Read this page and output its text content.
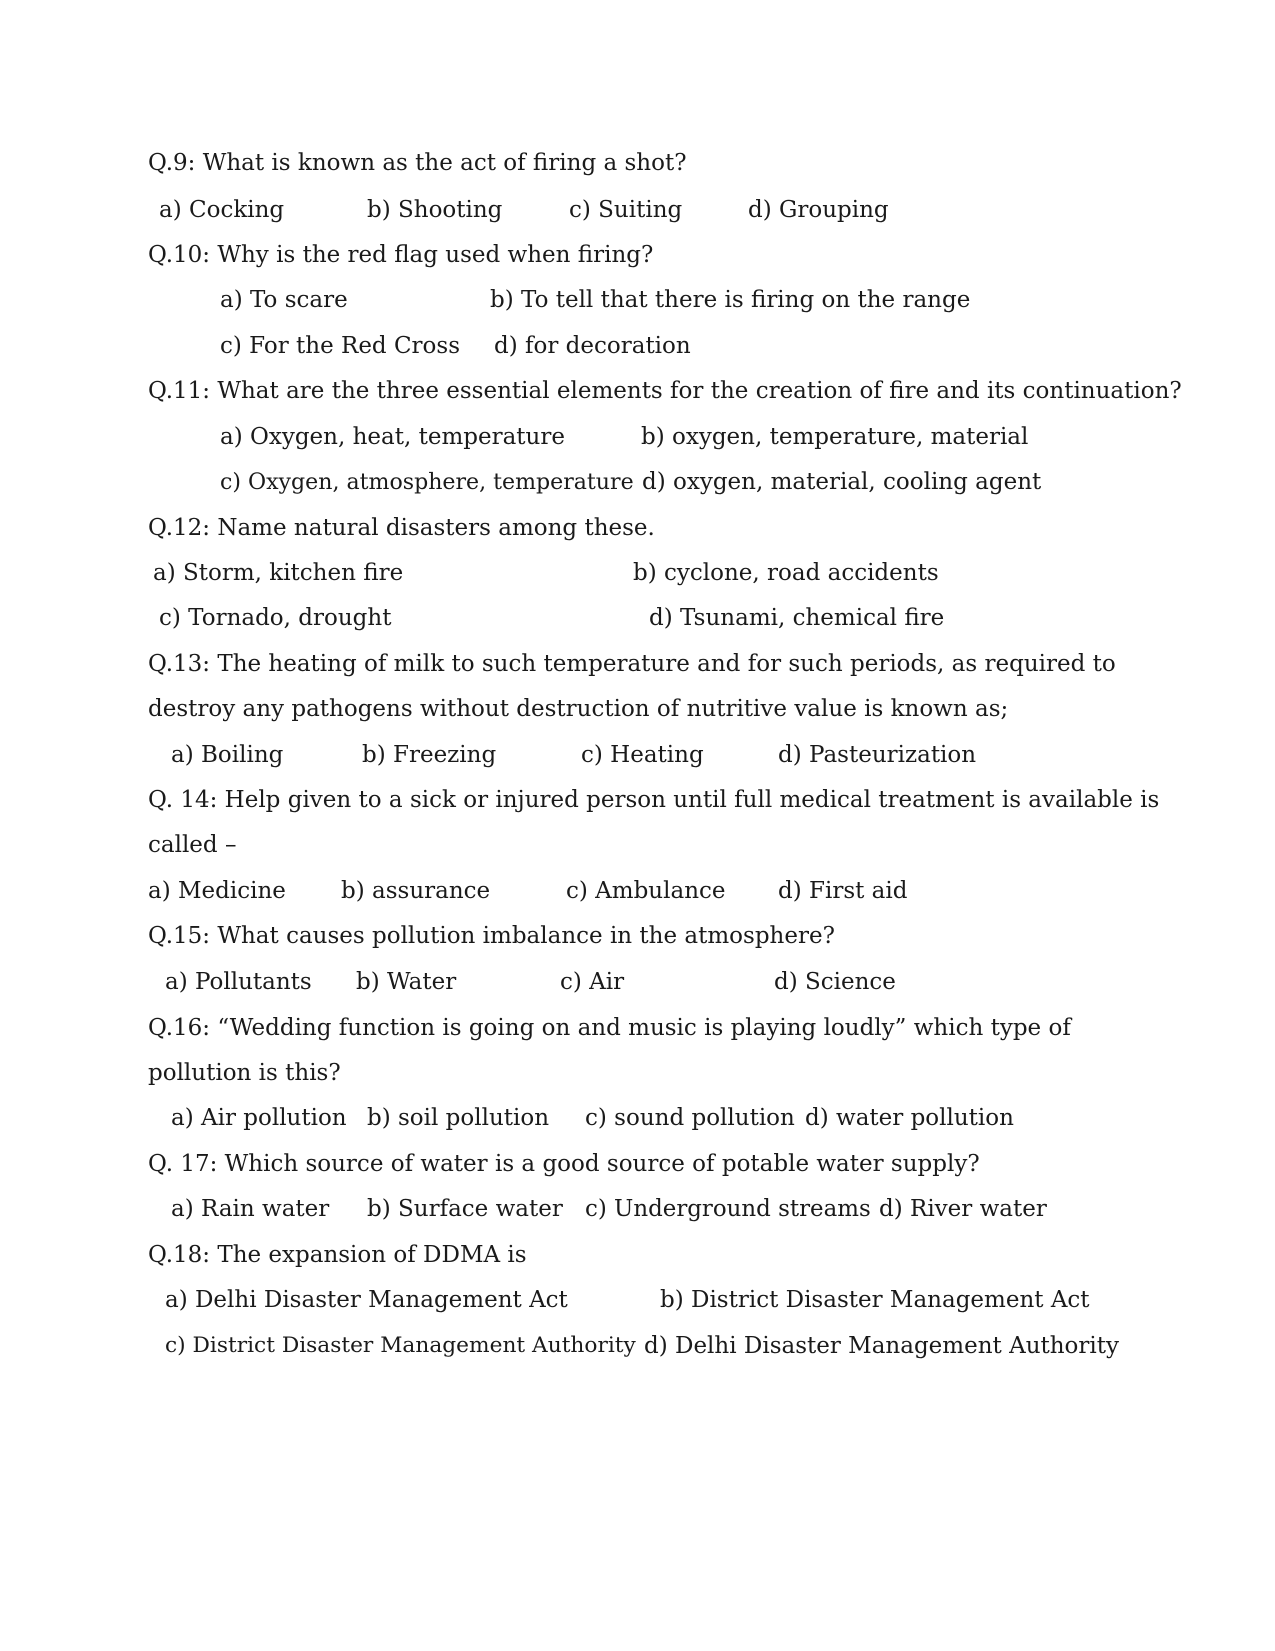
Q.9: What is known as the act of firing a shot?
a) Cocking	b) Shooting	c) Suiting	d) Grouping
Q.10: Why is the red flag used when firing?
a) To scare	b) To tell that there is firing on the range
c) For the Red Cross d) for decoration
Q.11: What are the three essential elements for the creation of fire and its continuation?
a) Oxygen, heat, temperature	b) oxygen, temperature, material
c) Oxygen, atmosphere, temperature d) oxygen, material, cooling agent
Q.12: Name natural disasters among these.
a) Storm, kitchen fire	b) cyclone, road accidents
c) Tornado, drought	d) Tsunami, chemical fire
Q.13: The heating of milk to such temperature and for such periods, as required to
destroy any pathogens without destruction of nutritive value is known as;
a) Boiling	b) Freezing	c) Heating	d) Pasteurization
Q. 14: Help given to a sick or injured person until full medical treatment is available is
called –
a) Medicine b) assurance	c) Ambulance d) First aid
Q.15: What causes pollution imbalance in the atmosphere?
a) Pollutants b) Water	c) Air	d) Science
Q.16: “Wedding function is going on and music is playing loudly” which type of
pollution is this?
a) Air pollution b) soil pollution c) sound pollution d) water pollution
Q. 17: Which source of water is a good source of potable water supply?
a) Rain water b) Surface water c) Underground streams d) River water
Q.18: The expansion of DDMA is
a) Delhi Disaster Management Act	b) District Disaster Management Act
c) District Disaster Management Authority d) Delhi Disaster Management Authority
